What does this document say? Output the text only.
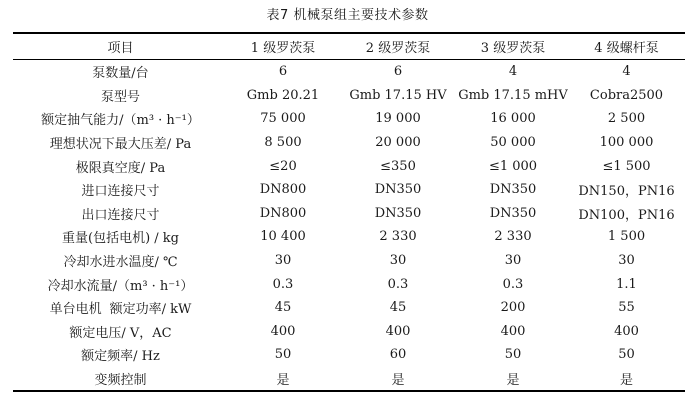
表7 机械泵组主要技术参数
项目	1 级罗茨泵	2 级罗茨泵	3 级罗茨泵	4 级螺杆泵
泵数量/台	6	6	4	4
泵型号	Gmb 20.21	Gmb 17.15 HV	Gmb 17.15 mHV	Cobra2500
额定抽气能力/（m³ · h⁻¹）	75 000	19 000	16 000	2 500
理想状况下最大压差/ Pa	8 500	20 000	50 000	100 000
极限真空度/ Pa	≤20	≤350	≤1 000	≤1 500
进口连接尺寸	DN800	DN350	DN350	DN150，PN16
出口连接尺寸	DN800	DN350	DN350	DN100，PN16
重量(包括电机) / kg	10 400	2 330	2 330	1 500
冷却水进水温度/ ℃	30	30	30	30
冷却水流量/（m³ · h⁻¹）	0.3	0.3	0.3	1.1
单台电机 额定功率/ kW	45	45	200	55
额定电压/ V，AC	400	400	400	400
额定频率/ Hz	50	60	50	50
变频控制	是	是	是	是
